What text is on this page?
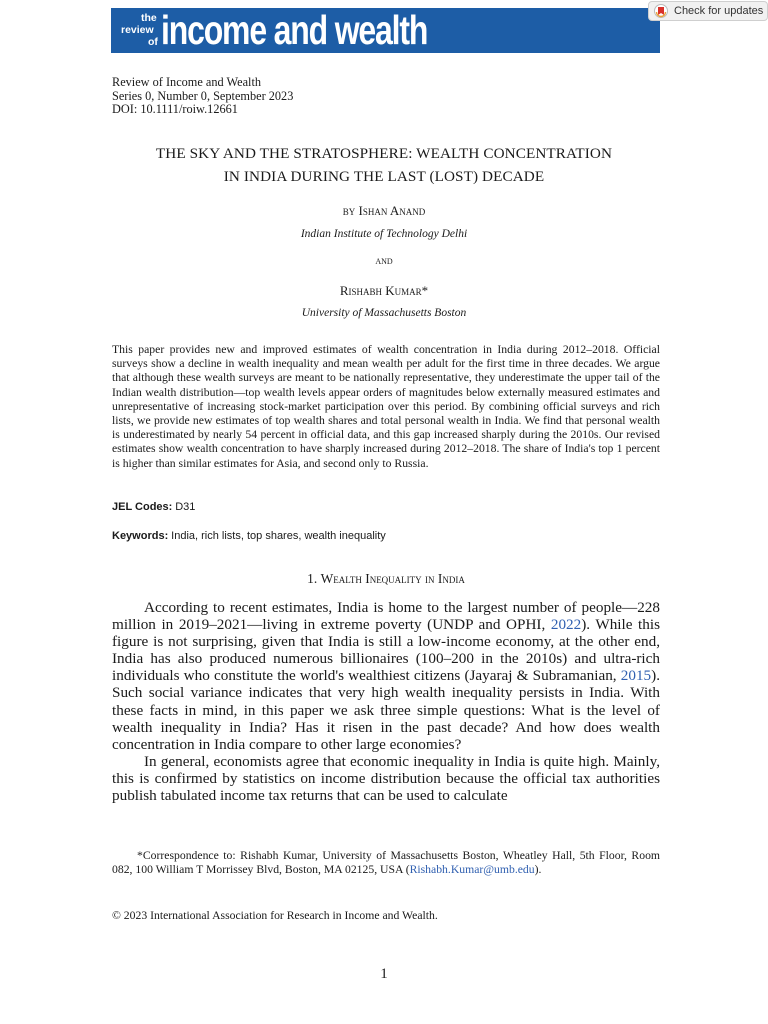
the
review
of income and wealth	Check for updates
Review of Income and Wealth
Series 0, Number 0, September 2023
DOI: 10.1111/roiw.12661
THE SKY AND THE STRATOSPHERE: WEALTH CONCENTRATION
IN INDIA DURING THE LAST (LOST) DECADE
by Ishan Anand
Indian Institute of Technology Delhi
and
Rishabh Kumar*
University of Massachusetts Boston
This paper provides new and improved estimates of wealth concentration in India during 2012–2018. Official surveys show a decline in wealth inequality and mean wealth per adult for the first time in three decades. We argue that although these wealth surveys are meant to be nationally representative, they underestimate the upper tail of the Indian wealth distribution—top wealth levels appear orders of magnitudes below externally measured estimates and unrepresentative of increasing stock-market participation over this period. By combining official surveys and rich lists, we provide new estimates of top wealth shares and total personal wealth in India. We find that personal wealth is underestimated by nearly 54 percent in official data, and this gap increased sharply during the 2010s. Our revised estimates show wealth concentration to have sharply increased during 2012–2018. The share of India's top 1 percent is higher than similar estimates for Asia, and second only to Russia.
JEL Codes: D31
Keywords: India, rich lists, top shares, wealth inequality
1. Wealth Inequality in India

According to recent estimates, India is home to the largest number of people—228 million in 2019–2021—living in extreme poverty (UNDP and OPHI, 2022). While this figure is not surprising, given that India is still a low-income economy, at the other end, India has also produced numerous billionaires (100–200 in the 2010s) and ultra-rich individuals who constitute the world's wealthiest citizens (Jayaraj & Subramanian, 2015). Such social variance indicates that very high wealth inequality persists in India. With these facts in mind, in this paper we ask three simple questions: What is the level of wealth inequality in India? Has it risen in the past decade? And how does wealth concentration in India compare to other large economies?

In general, economists agree that economic inequality in India is quite high. Mainly, this is confirmed by statistics on income distribution because the official tax authorities publish tabulated income tax returns that can be used to calculate

*Correspondence to: Rishabh Kumar, University of Massachusetts Boston, Wheatley Hall, 5th Floor, Room 082, 100 William T Morrissey Blvd, Boston, MA 02125, USA (Rishabh.Kumar@umb.edu).

© 2023 International Association for Research in Income and Wealth.
1
